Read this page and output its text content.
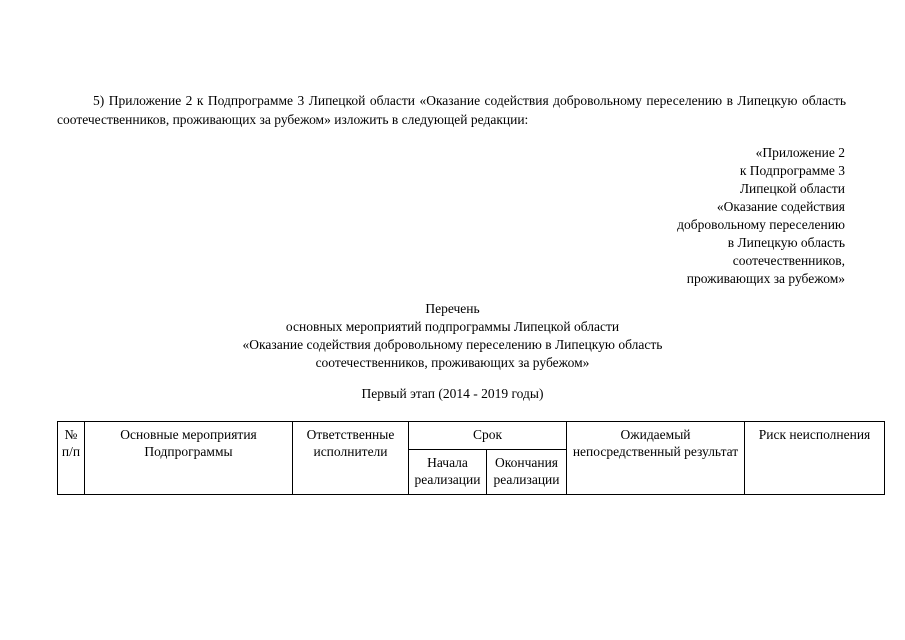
5) Приложение 2 к Подпрограмме 3 Липецкой области «Оказание содействия добровольному переселению в Липецкую область соотечественников, проживающих за рубежом» изложить в следующей редакции:

«Приложение 2
к Подпрограмме 3
Липецкой области
«Оказание содействия
добровольному переселению
в Липецкую область
соотечественников,
проживающих за рубежом»
Перечень
основных мероприятий подпрограммы Липецкой области
«Оказание содействия добровольному переселению в Липецкую область
соотечественников, проживающих за рубежом»
Первый этап (2014 - 2019 годы)
№ п/п	Основные мероприятия Подпрограммы	Ответственные исполнители	Срок		Ожидаемый непосредственный результат	Риск неисполнения
			Начала реализации	Окончания реализации		
